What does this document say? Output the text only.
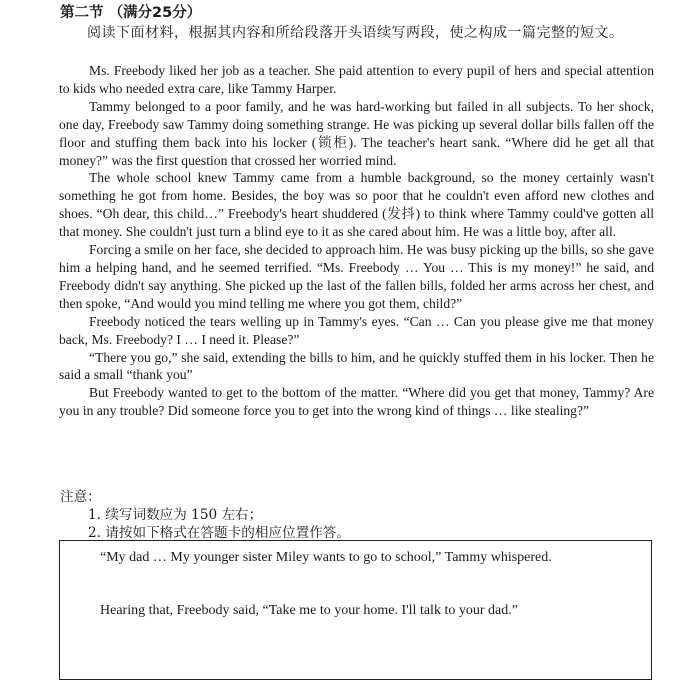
第二节 （满分25分）
阅读下面材料，根据其内容和所给段落开头语续写两段，使之构成一篇完整的短文。

Ms. Freebody liked her job as a teacher. She paid attention to every pupil of hers and special attention to kids who needed extra care, like Tammy Harper.

Tammy belonged to a poor family, and he was hard-working but failed in all subjects. To her shock, one day, Freebody saw Tammy doing something strange. He was picking up several dollar bills fallen off the floor and stuffing them back into his locker (锁柜). The teacher's heart sank. “Where did he get all that money?” was the first question that crossed her worried mind.

The whole school knew Tammy came from a humble background, so the money certainly wasn't something he got from home. Besides, the boy was so poor that he couldn't even afford new clothes and shoes. “Oh dear, this child…” Freebody's heart shuddered (发抖) to think where Tammy could've gotten all that money. She couldn't just turn a blind eye to it as she cared about him. He was a little boy, after all.

Forcing a smile on her face, she decided to approach him. He was busy picking up the bills, so she gave him a helping hand, and he seemed terrified. “Ms. Freebody … You … This is my money!” he said, and Freebody didn't say anything. She picked up the last of the fallen bills, folded her arms across her chest, and then spoke, “And would you mind telling me where you got them, child?”

Freebody noticed the tears welling up in Tammy's eyes. “Can … Can you please give me that money back, Ms. Freebody? I … I need it. Please?”

“There you go,” she said, extending the bills to him, and he quickly stuffed them in his locker. Then he said a small “thank you”

But Freebody wanted to get to the bottom of the matter. “Where did you get that money, Tammy? Are you in any trouble? Did someone force you to get into the wrong kind of things … like stealing?”

注意：
1. 续写词数应为 150 左右；
2. 请按如下格式在答题卡的相应位置作答。
“My dad … My younger sister Miley wants to go to school,” Tammy whispered.
Hearing that, Freebody said, “Take me to your home. I'll talk to your dad.”
